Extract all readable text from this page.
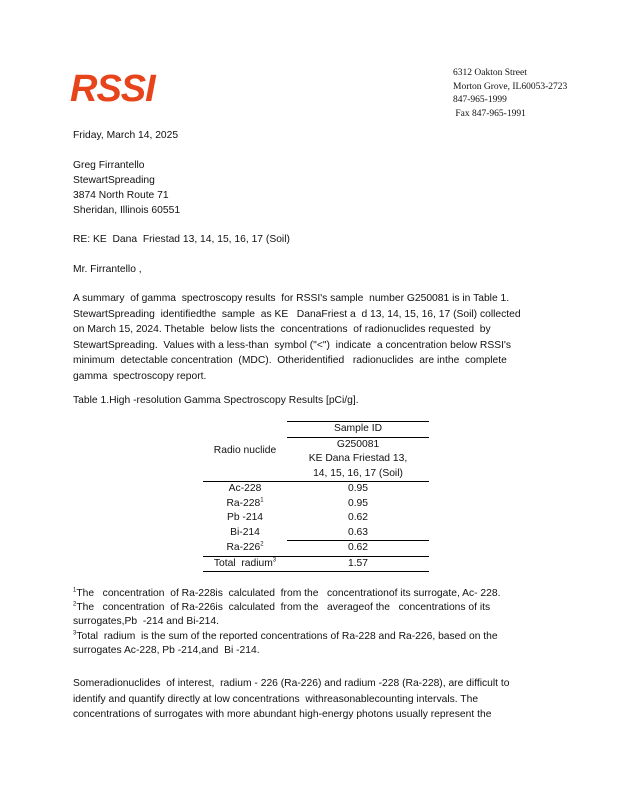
RSSI	6312 Oakton Street
Morton Grove, IL60053-2723
847-965-1999
Fax 847-965-1991
Friday, March 14, 2025
Greg Firrantello
StewartSpreading
3874 North Route 71
Sheridan, Illinois 60551
RE: KE  Dana  Friestad 13, 14, 15, 16, 17 (Soil)
Mr. Firrantello ,
A summary  of gamma  spectroscopy results  for RSSI's sample  number G250081 is in Table 1.
StewartSpreading  identifiedthe  sample  as KE   DanaFriest a  d 13, 14, 15, 16, 17 (Soil) collected
on March 15, 2024. Thetable  below lists the  concentrations  of radionuclides requested  by
StewartSpreading.  Values with a less-than  symbol ("<")  indicate  a concentration below RSSI's
minimum  detectable concentration  (MDC).  Otheridentified   radionuclides  are inthe  complete
gamma  spectroscopy report.
Table 1.High -resolution Gamma Spectroscopy Results [pCi/g].
Radio nuclide	Sample ID
	G250081
	KE Dana Friestad 13,
	14, 15, 16, 17 (Soil)
Ac-228	0.95
$Ra-228^1$	0.95
Pb -214	0.62
Bi-214	0.63
$Ra-226^2$	0.62
Total  radium$^3$	1.57
$^1$The   concentration  of Ra-228is  calculated  from the   concentrationof its surrogate, Ac- 228.
$^2$The   concentration  of Ra-226is  calculated  from the   averageof the   concentrations of its
surrogates,Pb  -214 and Bi-214.
$^3$Total  radium  is the sum of the reported concentrations of Ra-228 and Ra-226, based on the
surrogates Ac-228, Pb -214,and  Bi -214.
Someradionuclides  of interest,  radium - 226 (Ra-226) and radium -228 (Ra-228), are difficult to
identify and quantify directly at low concentrations  withreasonablecounting intervals. The
concentrations of surrogates with more abundant high-energy photons usually represent the
